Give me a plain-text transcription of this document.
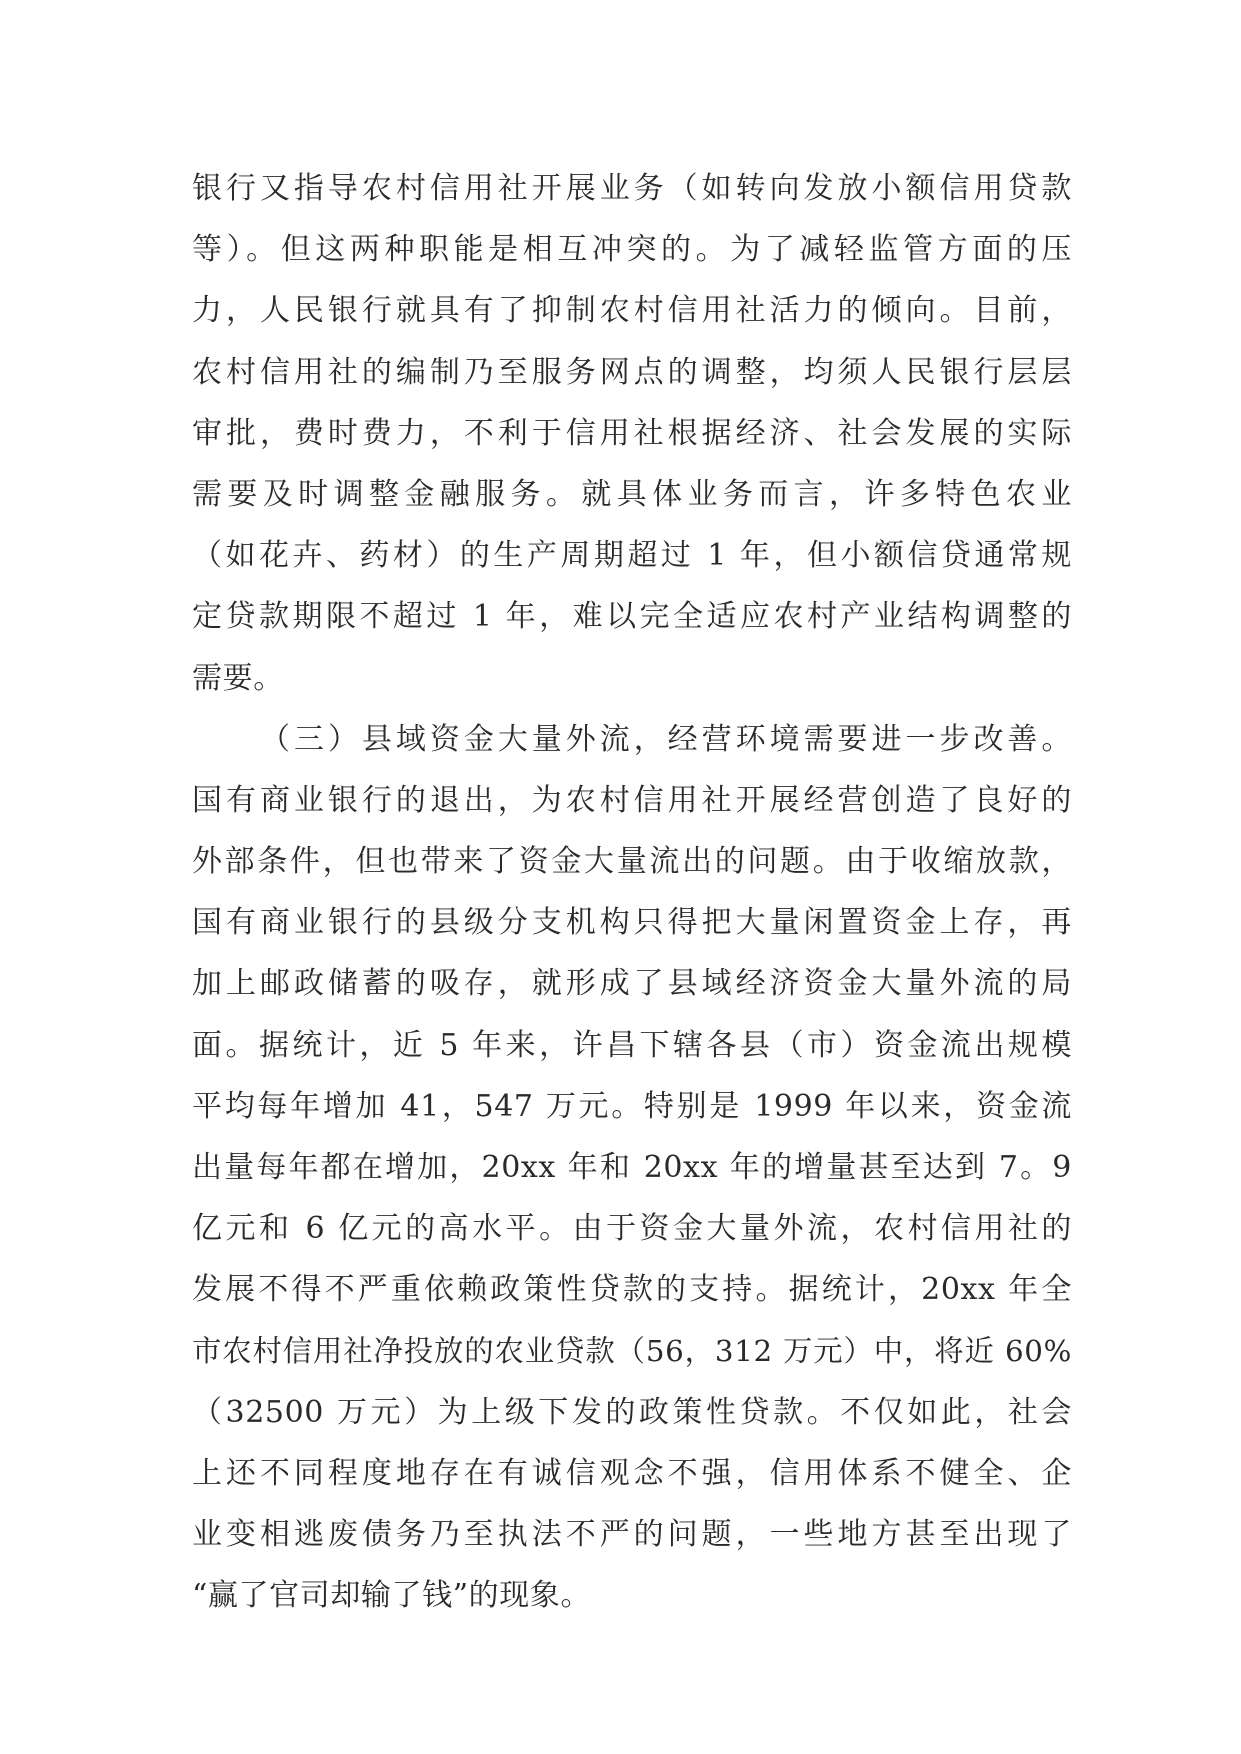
银行又指导农村信用社开展业务（如转向发放小额信用贷款
等）。但这两种职能是相互冲突的。为了减轻监管方面的压
力，人民银行就具有了抑制农村信用社活力的倾向。目前，
农村信用社的编制乃至服务网点的调整，均须人民银行层层
审批，费时费力，不利于信用社根据经济、社会发展的实际
需要及时调整金融服务。就具体业务而言，许多特色农业
（如花卉、药材）的生产周期超过 1 年，但小额信贷通常规
定贷款期限不超过 1 年，难以完全适应农村产业结构调整的
需要。
（三）县域资金大量外流，经营环境需要进一步改善。
国有商业银行的退出，为农村信用社开展经营创造了良好的
外部条件，但也带来了资金大量流出的问题。由于收缩放款，
国有商业银行的县级分支机构只得把大量闲置资金上存，再
加上邮政储蓄的吸存，就形成了县域经济资金大量外流的局
面。据统计，近 5 年来，许昌下辖各县（市）资金流出规模
平均每年增加 41，547 万元。特别是 1999 年以来，资金流
出量每年都在增加，20xx 年和 20xx 年的增量甚至达到 7。9
亿元和 6 亿元的高水平。由于资金大量外流，农村信用社的
发展不得不严重依赖政策性贷款的支持。据统计，20xx 年全
市农村信用社净投放的农业贷款（56，312 万元）中，将近 60%
（32500 万元）为上级下发的政策性贷款。不仅如此，社会
上还不同程度地存在有诚信观念不强，信用体系不健全、企
业变相逃废债务乃至执法不严的问题，一些地方甚至出现了
“赢了官司却输了钱”的现象。
